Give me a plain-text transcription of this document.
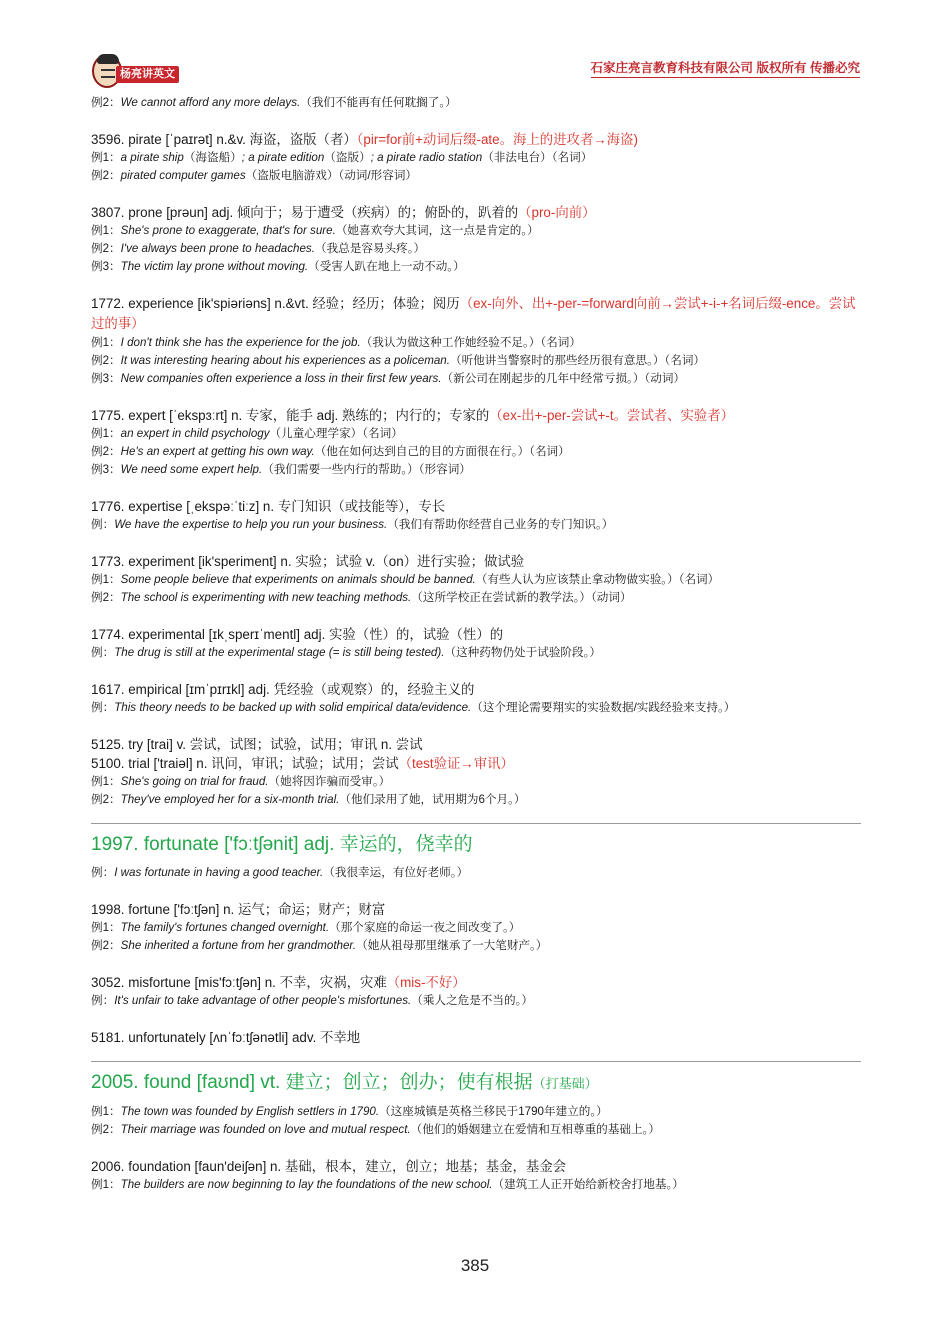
杨亮讲英文	石家庄亮言教育科技有限公司 版权所有 传播必究

例2：We cannot afford any more delays.（我们不能再有任何耽搁了。）

3596. pirate [ˈpaɪrət] n.&v. 海盗，盗版（者）（pir=for前+动词后缀-ate。海上的进攻者→海盗)

例1：a pirate ship（海盗船）; a pirate edition（盗版）; a pirate radio station（非法电台）（名词）

例2：pirated computer games（盗版电脑游戏）（动词/形容词）

3807. prone [prəun] adj. 倾向于；易于遭受（疾病）的；俯卧的，趴着的（pro-向前）

例1：She's prone to exaggerate, that's for sure.（她喜欢夸大其词，这一点是肯定的。）

例2：I've always been prone to headaches.（我总是容易头疼。）

例3：The victim lay prone without moving.（受害人趴在地上一动不动。）

1772. experience [ik'spiəriəns] n.&vt. 经验；经历；体验；阅历（ex-向外、出+-per-=forward向前→尝试+-i-+名词后缀-ence。尝试过的事）

例1：I don't think she has the experience for the job.（我认为做这种工作她经验不足。）（名词）

例2：It was interesting hearing about his experiences as a policeman.（听他讲当警察时的那些经历很有意思。）（名词）

例3：New companies often experience a loss in their first few years.（新公司在刚起步的几年中经常亏损。）（动词）

1775. expert [ˈekspɜːrt] n. 专家，能手 adj. 熟练的；内行的；专家的（ex-出+-per-尝试+-t。尝试者、实验者）

例1：an expert in child psychology（儿童心理学家）（名词）

例2：He's an expert at getting his own way.（他在如何达到自己的目的方面很在行。）（名词）

例3：We need some expert help.（我们需要一些内行的帮助。）（形容词）

1776. expertise [ˌekspəːˈtiːz] n. 专门知识（或技能等），专长

例：We have the expertise to help you run your business.（我们有帮助你经营自己业务的专门知识。）

1773. experiment [ik'speriment] n. 实验；试验 v.（on）进行实验；做试验

例1：Some people believe that experiments on animals should be banned.（有些人认为应该禁止拿动物做实验。）（名词）

例2：The school is experimenting with new teaching methods.（这所学校正在尝试新的教学法。）（动词）

1774. experimental [ɪkˌsperɪˈmentl] adj. 实验（性）的，试验（性）的

例：The drug is still at the experimental stage (= is still being tested).（这种药物仍处于试验阶段。）

1617. empirical [ɪmˈpɪrɪkl] adj. 凭经验（或观察）的，经验主义的

例：This theory needs to be backed up with solid empirical data/evidence.（这个理论需要翔实的实验数据/实践经验来支持。）

5125. try [trai] v. 尝试，试图；试验，试用；审讯 n. 尝试

5100. trial ['traiəl] n. 讯问，审讯；试验；试用；尝试（test验证→审讯）

例1：She's going on trial for fraud.（她将因诈骗而受审。）

例2：They've employed her for a six-month trial.（他们录用了她，试用期为6个月。）

1997. fortunate ['fɔːtʃənit] adj. 幸运的，侥幸的

例：I was fortunate in having a good teacher.（我很幸运，有位好老师。）

1998. fortune ['fɔːtʃən] n. 运气；命运；财产；财富

例1：The family's fortunes changed overnight.（那个家庭的命运一夜之间改变了。）

例2：She inherited a fortune from her grandmother.（她从祖母那里继承了一大笔财产。）

3052. misfortune [mis'fɔːtʃən] n. 不幸，灾祸，灾难（mis-不好）

例：It's unfair to take advantage of other people's misfortunes.（乘人之危是不当的。）

5181. unfortunately [ʌnˈfɔːtʃənətli] adv. 不幸地

2005. found [faʊnd] vt. 建立；创立；创办；使有根据（打基础）

例1：The town was founded by English settlers in 1790.（这座城镇是英格兰移民于1790年建立的。）

例2：Their marriage was founded on love and mutual respect.（他们的婚姻建立在爱情和互相尊重的基础上。）

2006. foundation [faun'deiʃən] n. 基础，根本，建立，创立；地基；基金，基金会

例1：The builders are now beginning to lay the foundations of the new school.（建筑工人正开始给新校舍打地基。）

385
